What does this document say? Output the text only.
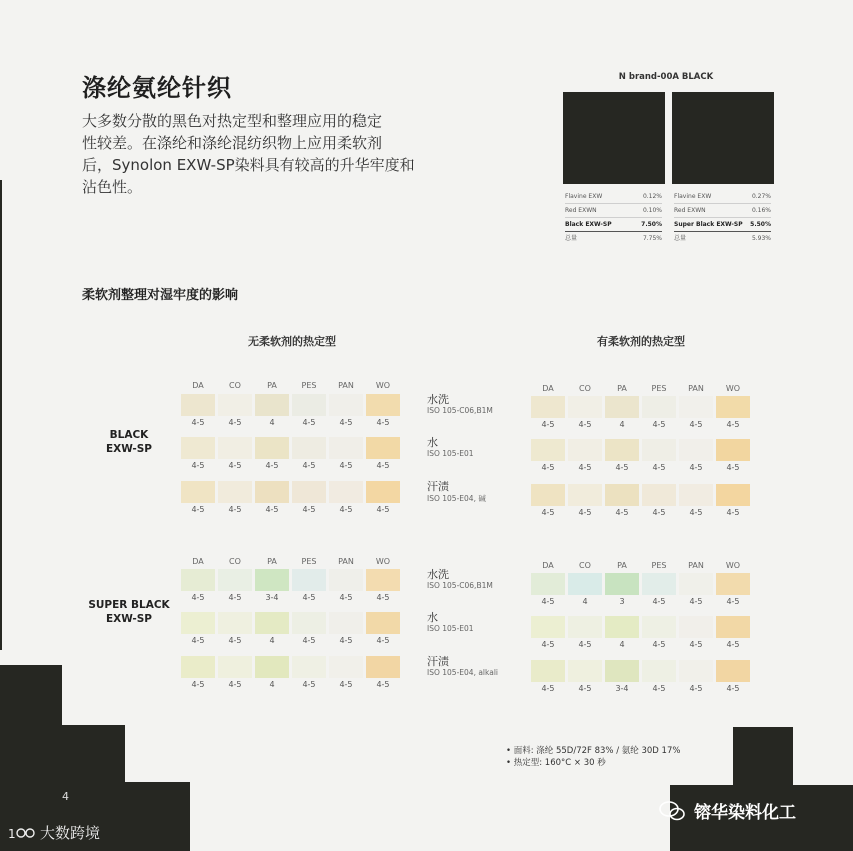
涤纶氨纶针织
大多数分散的黑色对热定型和整理应用的稳定
性较差。在涤纶和涤纶混纺织物上应用柔软剂
后，Synolon EXW-SP染料具有较高的升华牢度和
沾色性。
N brand-00A BLACK
Flavine EXW	0.12%
Red EXWN	0.10%
Black EXW-SP	7.50%
总量	7.75%
Flavine EXW	0.27%
Red EXWN	0.16%
Super Black EXW-SP 5.50%
总量	5.93%
柔软剂整理对湿牢度的影响
无柔软剂的热定型	有柔软剂的热定型
BLACK
EXW-SP
SUPER BLACK
EXW-SP
DA	CO	PA	PES	PAN	WO
4-5	4-5	4	4-5	4-5	4-5
水洗
ISO 105-C06,B1M
4-5	4-5	4-5	4-5	4-5	4-5
水
ISO 105-E01
4-5	4-5	4-5	4-5	4-5	4-5
汗渍
ISO 105-E04, 碱
DA	CO	PA	PES	PAN	WO
4-5	4-5	3-4	4-5	4-5	4-5
水洗
ISO 105-C06,B1M
4-5	4-5	4	4-5	4-5	4-5
水
ISO 105-E01
4-5	4-5	4	4-5	4-5	4-5
汗渍
ISO 105-E04, alkali
DA	CO	PA	PES	PAN	WO
4-5	4-5	4	4-5	4-5	4-5
4-5	4-5	4-5	4-5	4-5	4-5
4-5	4-5	4-5	4-5	4-5	4-5
DA	CO	PA	PES	PAN	WO
4-5	4	3	4-5	4-5	4-5
4-5	4-5	4	4-5	4-5	4-5
4-5	4-5	3-4	4-5	4-5	4-5
• 面料: 涤纶 55D/72F 83% / 氨纶 30D 17%
• 热定型: 160°C × 30 秒
4
镕华染料化工
大数跨境
1
